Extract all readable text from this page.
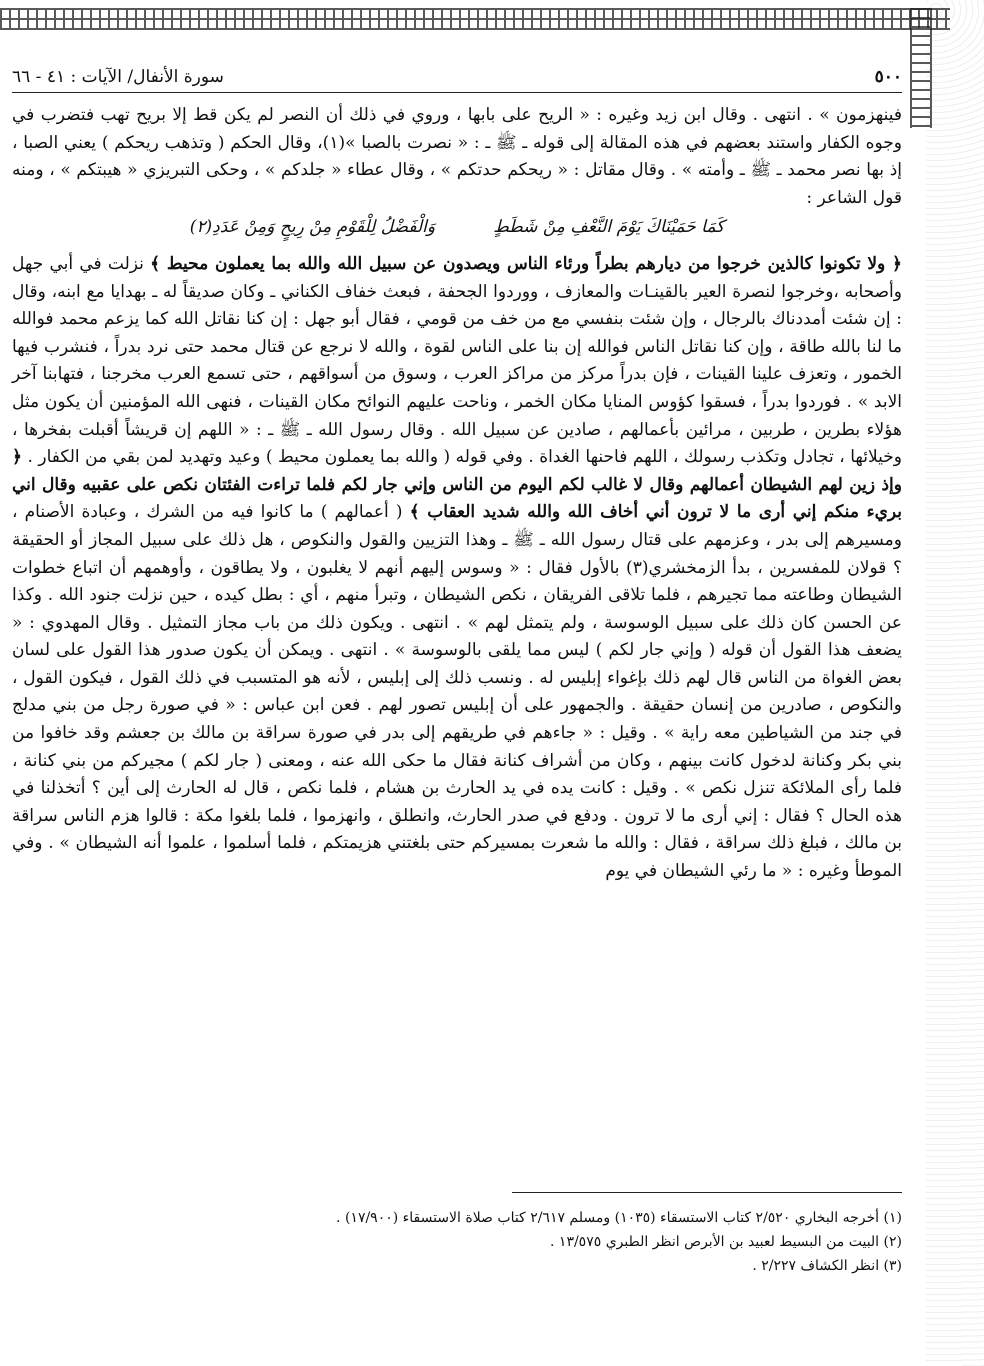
٥٠٠
سورة الأنفال/ الآيات : ٤١ - ٦٦

فينهزمون » . انتهى . وقال ابن زيد وغيره : « الريح على بابها ، وروي في ذلك أن النصر لم يكن قط إلا بريح تهب فتضرب في وجوه الكفار واستند بعضهم في هذه المقالة إلى قوله ـ ﷺ ـ : « نصرت بالصبا »(١)، وقال الحكم ( وتذهب ريحكم ) يعني الصبا ، إذ بها نصر محمد ـ ﷺ ـ وأمته » . وقال مقاتل : « ريحكم حدتكم » ، وقال عطاء « جلدكم » ، وحكى التبريزي « هيبتكم » ، ومنه قول الشاعر :

كَمَا حَمَيْنَاكَ يَوْمَ النَّعْفِ مِنْ شَطَطٍ
وَالْفَضْلُ لِلْقَوْمِ مِنْ رِيحٍ وَمِنْ عَدَدِ(٢)

﴿ ولا تكونوا كالذين خرجوا من ديارهم بطراً ورئاء الناس ويصدون عن سبيل الله والله بما يعملون محيط ﴾ نزلت في أبي جهل وأصحابه ،وخرجوا لنصرة العير بالقينـات والمعازف ، ووردوا الجحفة ، فبعث خفاف الكناني ـ وكان صديقاً له ـ بهدايا مع ابنه، وقال : إن شئت أمددناك بالرجال ، وإن شئت بنفسي مع من خف من قومي ، فقال أبو جهل : إن كنا نقاتل الله كما يزعم محمد فوالله ما لنا بالله طاقة ، وإن كنا نقاتل الناس فوالله إن بنا على الناس لقوة ، والله لا نرجع عن قتال محمد حتى نرد بدراً ، فنشرب فيها الخمور ، وتعزف علينا القينات ، فإن بدراً مركز من مراكز العرب ، وسوق من أسواقهم ، حتى تسمع العرب مخرجنا ، فتهابنا آخر الابد » . فوردوا بدراً ، فسقوا كؤوس المنايا مكان الخمر ، وناحت عليهم النوائح مكان القينات ، فنهى الله المؤمنين أن يكون مثل هؤلاء بطرين ، طربين ، مرائين بأعمالهم ، صادين عن سبيل الله . وقال رسول الله ـ ﷺ ـ : « اللهم إن قريشاً أقبلت بفخرها ، وخيلائها ، تجادل وتكذب رسولك ، اللهم فاحنها الغداة . وفي قوله ( والله بما يعملون محيط ) وعيد وتهديد لمن بقي من الكفار . ﴿ وإذ زين لهم الشيطان أعمالهم وقال لا غالب لكم اليوم من الناس وإني جار لكم فلما تراءت الفئتان نكص على عقبيه وقال اني بريء منكم إني أرى ما لا ترون أني أخاف الله والله شديد العقاب ﴾ ( أعمالهم ) ما كانوا فيه من الشرك ، وعبادة الأصنام ، ومسيرهم إلى بدر ، وعزمهم على قتال رسول الله ـ ﷺ ـ وهذا التزيين والقول والنكوص ، هل ذلك على سبيل المجاز أو الحقيقة ؟ قولان للمفسرين ، بدأ الزمخشري(٣) بالأول فقال : « وسوس إليهم أنهم لا يغلبون ، ولا يطاقون ، وأوهمهم أن اتباع خطوات الشيطان وطاعته مما تجيرهم ، فلما تلاقى الفريقان ، نكص الشيطان ، وتبرأ منهم ، أي : بطل كيده ، حين نزلت جنود الله . وكذا عن الحسن كان ذلك على سبيل الوسوسة ، ولم يتمثل لهم » . انتهى . ويكون ذلك من باب مجاز التمثيل . وقال المهدوي : « يضعف هذا القول أن قوله ( وإني جار لكم ) ليس مما يلقى بالوسوسة » . انتهى . ويمكن أن يكون صدور هذا القول على لسان بعض الغواة من الناس قال لهم ذلك بإغواء إبليس له . ونسب ذلك إلى إبليس ، لأنه هو المتسبب في ذلك القول ، فيكون القول ، والنكوص ، صادرين من إنسان حقيقة . والجمهور على أن إبليس تصور لهم . فعن ابن عباس : « في صورة رجل من بني مدلج في جند من الشياطين معه راية » . وقيل : « جاءهم في طريقهم إلى بدر في صورة سراقة بن مالك بن جعشم وقد خافوا من بني بكر وكنانة لدخول كانت بينهم ، وكان من أشراف كنانة فقال ما حكى الله عنه ، ومعنى ( جار لكم ) مجيركم من بني كنانة ، فلما رأى الملائكة تنزل نكص » . وقيل : كانت يده في يد الحارث بن هشام ، فلما نكص ، قال له الحارث إلى أين ؟ أتخذلنا في هذه الحال ؟ فقال : إني أرى ما لا ترون . ودفع في صدر الحارث، وانطلق ، وانهزموا ، فلما بلغوا مكة : قالوا هزم الناس سراقة بن مالك ، فبلغ ذلك سراقة ، فقال : والله ما شعرت بمسيركم حتى بلغتني هزيمتكم ، فلما أسلموا ، علموا أنه الشيطان » . وفي الموطأ وغيره : « ما رئي الشيطان في يوم

(١) أخرجه البخاري ٢/٥٢٠ كتاب الاستسقاء (١٠٣٥) ومسلم ٢/٦١٧ كتاب صلاة الاستسقاء (١٧/٩٠٠) .
(٢) البيت من البسيط لعبيد بن الأبرص انظر الطبري ١٣/٥٧٥ .
(٣) انظر الكشاف ٢/٢٢٧ .
